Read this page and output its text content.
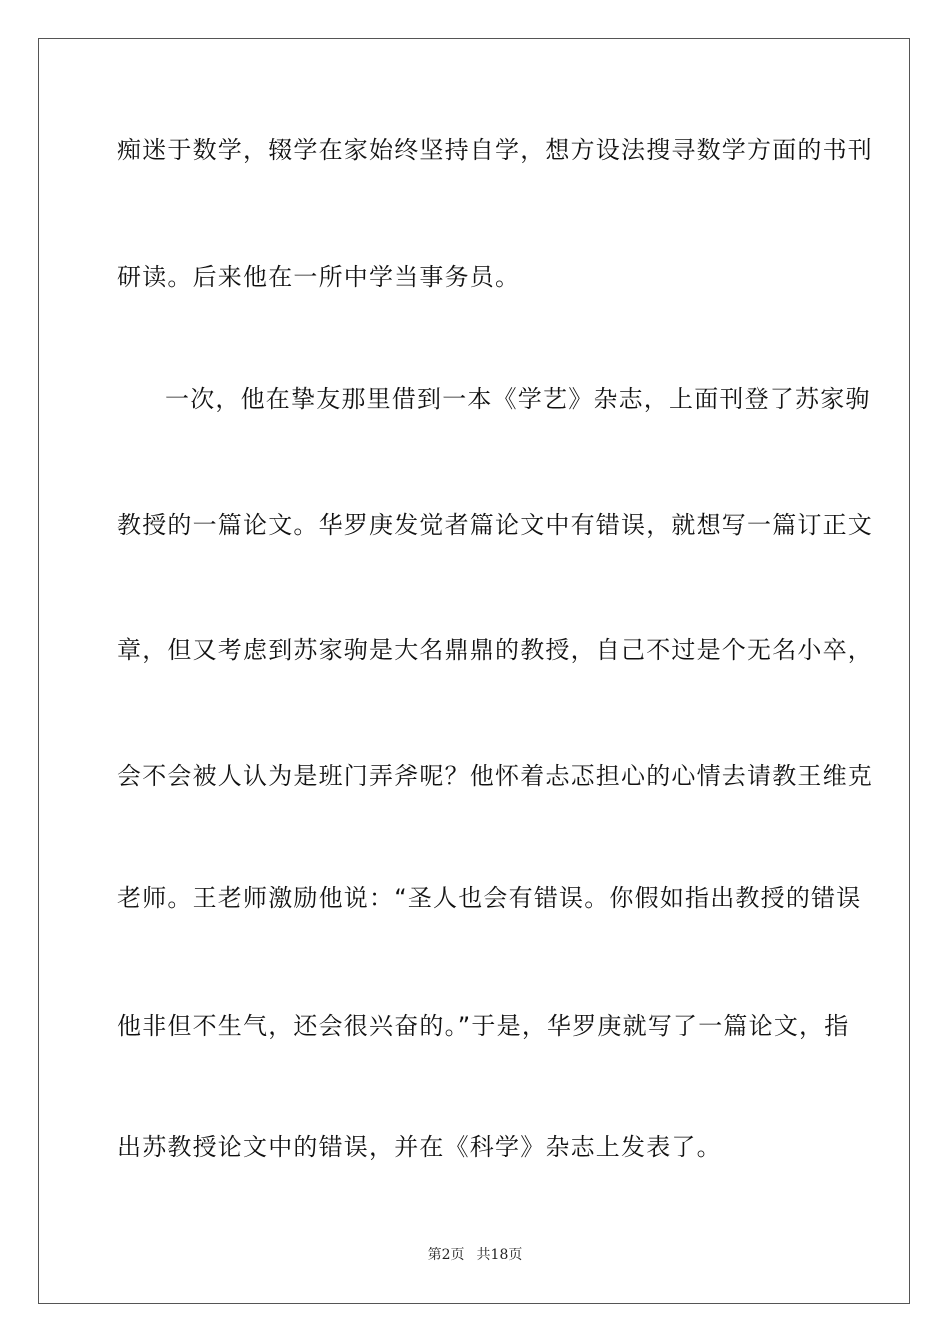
痴迷于数学，辍学在家始终坚持自学，想方设法搜寻数学方面的书刊
研读。后来他在一所中学当事务员。
一次，他在挚友那里借到一本《学艺》杂志，上面刊登了苏家驹
教授的一篇论文。华罗庚发觉者篇论文中有错误，就想写一篇订正文
章，但又考虑到苏家驹是大名鼎鼎的教授，自己不过是个无名小卒，
会不会被人认为是班门弄斧呢？他怀着忐忑担心的心情去请教王维克
老师。王老师激励他说：“圣人也会有错误。你假如指出教授的错误
他非但不生气，还会很兴奋的。”于是，华罗庚就写了一篇论文，指
出苏教授论文中的错误，并在《科学》杂志上发表了。
第2页 共18页
